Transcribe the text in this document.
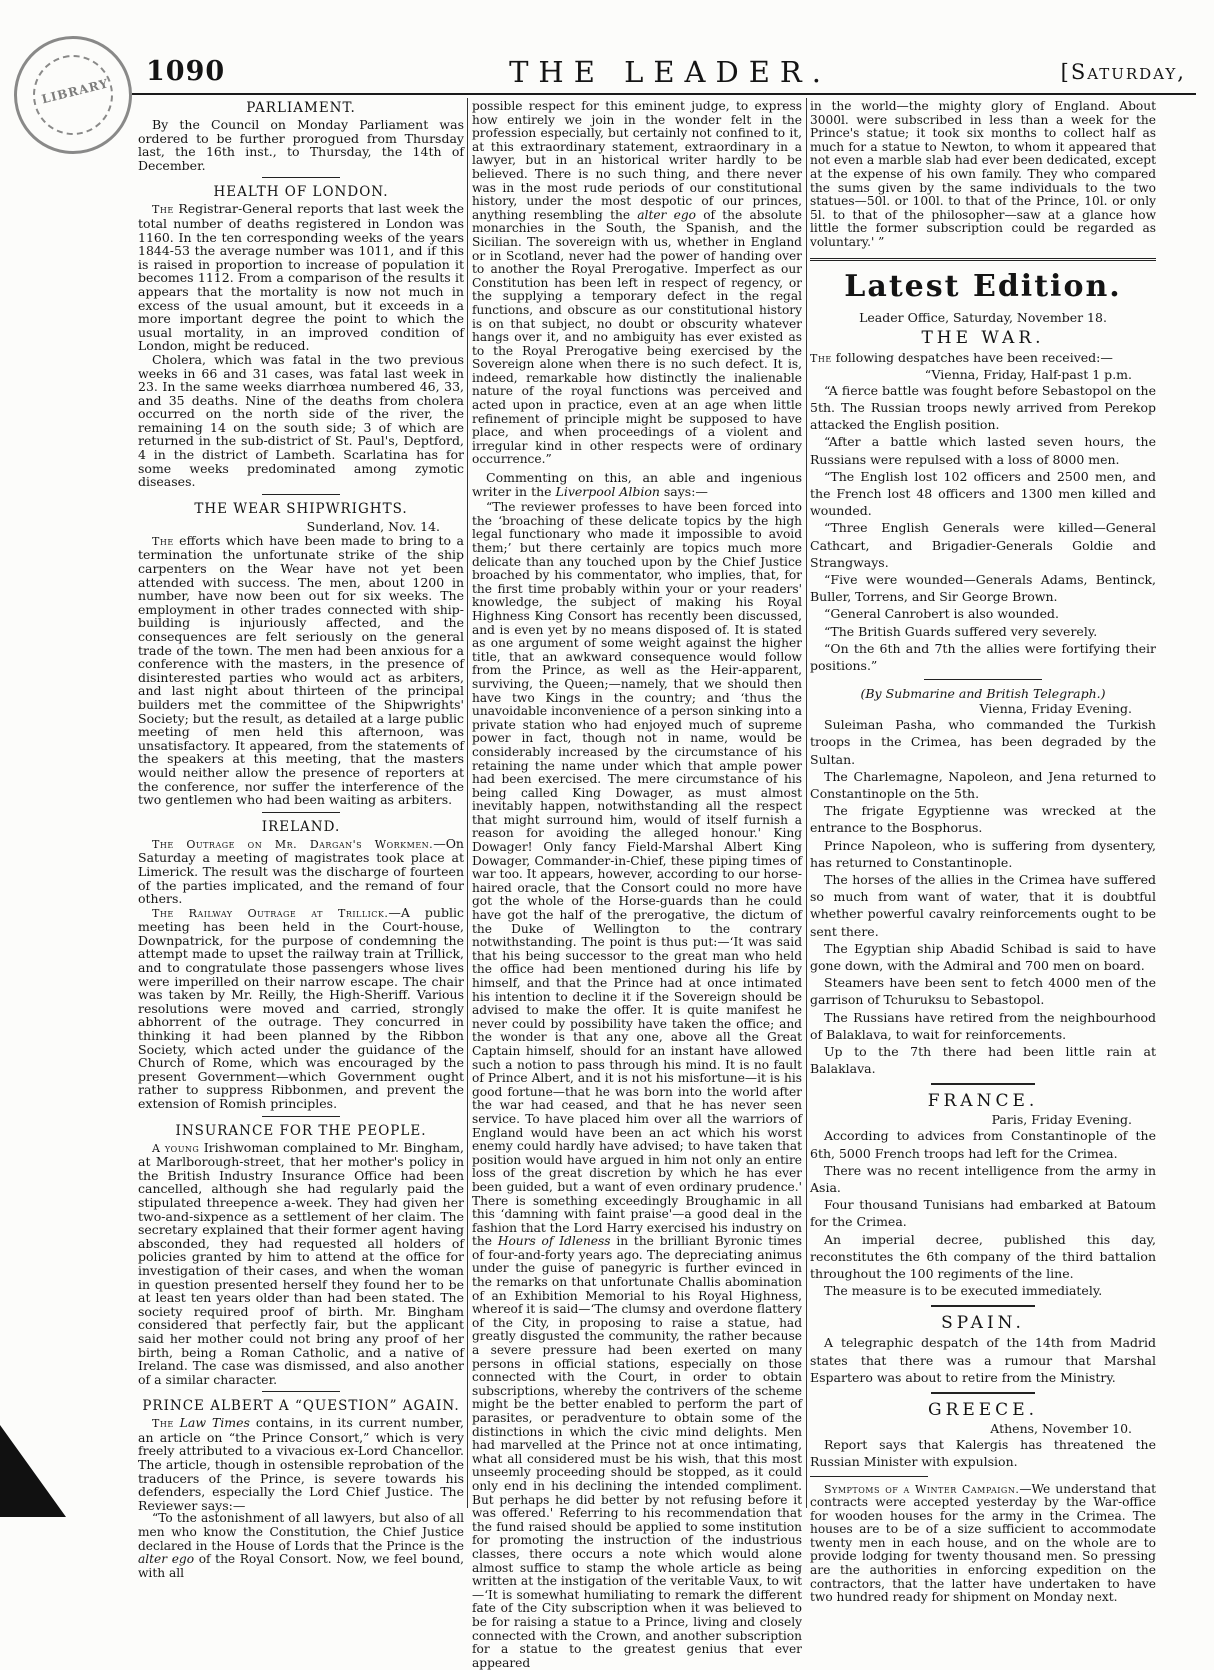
LIBRARY
1090	THE LEADER.	[Saturday,
PARLIAMENT.

By the Council on Monday Parliament was ordered to be further prorogued from Thursday last, the 16th inst., to Thursday, the 14th of December.

HEALTH OF LONDON.

The Registrar-General reports that last week the total number of deaths registered in London was 1160. In the ten corresponding weeks of the years 1844-53 the average number was 1011, and if this is raised in proportion to increase of population it becomes 1112. From a comparison of the results it appears that the mortality is now not much in excess of the usual amount, but it exceeds in a more important degree the point to which the usual mortality, in an improved condition of London, might be reduced.

Cholera, which was fatal in the two previous weeks in 66 and 31 cases, was fatal last week in 23. In the same weeks diarrhœa numbered 46, 33, and 35 deaths. Nine of the deaths from cholera occurred on the north side of the river, the remaining 14 on the south side; 3 of which are returned in the sub-district of St. Paul's, Deptford, 4 in the district of Lambeth. Scarlatina has for some weeks predominated among zymotic diseases.

THE WEAR SHIPWRIGHTS.
Sunderland, Nov. 14.

The efforts which have been made to bring to a termination the unfortunate strike of the ship carpenters on the Wear have not yet been attended with success. The men, about 1200 in number, have now been out for six weeks. The employment in other trades connected with ship-building is injuriously affected, and the consequences are felt seriously on the general trade of the town. The men had been anxious for a conference with the masters, in the presence of disinterested parties who would act as arbiters, and last night about thirteen of the principal builders met the committee of the Shipwrights' Society; but the result, as detailed at a large public meeting of men held this afternoon, was unsatisfactory. It appeared, from the statements of the speakers at this meeting, that the masters would neither allow the presence of reporters at the conference, nor suffer the interference of the two gentlemen who had been waiting as arbiters.

IRELAND.

The Outrage on Mr. Dargan's Workmen.—On Saturday a meeting of magistrates took place at Limerick. The result was the discharge of fourteen of the parties implicated, and the remand of four others.

The Railway Outrage at Trillick.—A public meeting has been held in the Court-house, Downpatrick, for the purpose of condemning the attempt made to upset the railway train at Trillick, and to congratulate those passengers whose lives were imperilled on their narrow escape. The chair was taken by Mr. Reilly, the High-Sheriff. Various resolutions were moved and carried, strongly abhorrent of the outrage. They concurred in thinking it had been planned by the Ribbon Society, which acted under the guidance of the Church of Rome, which was encouraged by the present Government—which Government ought rather to suppress Ribbonmen, and prevent the extension of Romish principles.

INSURANCE FOR THE PEOPLE.

A young Irishwoman complained to Mr. Bingham, at Marlborough-street, that her mother's policy in the British Industry Insurance Office had been cancelled, although she had regularly paid the stipulated threepence a-week. They had given her two-and-sixpence as a settlement of her claim. The secretary explained that their former agent having absconded, they had requested all holders of policies granted by him to attend at the office for investigation of their cases, and when the woman in question presented herself they found her to be at least ten years older than had been stated. The society required proof of birth. Mr. Bingham considered that perfectly fair, but the applicant said her mother could not bring any proof of her birth, being a Roman Catholic, and a native of Ireland. The case was dismissed, and also another of a similar character.

PRINCE ALBERT A “QUESTION” AGAIN.

The Law Times contains, in its current number, an article on “the Prince Consort,” which is very freely attributed to a vivacious ex-Lord Chancellor. The article, though in ostensible reprobation of the traducers of the Prince, is severe towards his defenders, especially the Lord Chief Justice. The Reviewer says:—

“To the astonishment of all lawyers, but also of all men who know the Constitution, the Chief Justice declared in the House of Lords that the Prince is the alter ego of the Royal Consort. Now, we feel bound, with all

possible respect for this eminent judge, to express how entirely we join in the wonder felt in the profession especially, but certainly not confined to it, at this extraordinary statement, extraordinary in a lawyer, but in an historical writer hardly to be believed. There is no such thing, and there never was in the most rude periods of our constitutional history, under the most despotic of our princes, anything resembling the alter ego of the absolute monarchies in the South, the Spanish, and the Sicilian. The sovereign with us, whether in England or in Scotland, never had the power of handing over to another the Royal Prerogative. Imperfect as our Constitution has been left in respect of regency, or the supplying a temporary defect in the regal functions, and obscure as our constitutional history is on that subject, no doubt or obscurity whatever hangs over it, and no ambiguity has ever existed as to the Royal Prerogative being exercised by the Sovereign alone when there is no such defect. It is, indeed, remarkable how distinctly the inalienable nature of the royal functions was perceived and acted upon in practice, even at an age when little refinement of principle might be supposed to have place, and when proceedings of a violent and irregular kind in other respects were of ordinary occurrence.”

Commenting on this, an able and ingenious writer in the Liverpool Albion says:—

“The reviewer professes to have been forced into the ‘broaching of these delicate topics by the high legal functionary who made it impossible to avoid them;’ but there certainly are topics much more delicate than any touched upon by the Chief Justice broached by his commentator, who implies, that, for the first time probably within your or your readers' knowledge, the subject of making his Royal Highness King Consort has recently been discussed, and is even yet by no means disposed of. It is stated as one argument of some weight against the higher title, that an awkward consequence would follow from the Prince, as well as the Heir-apparent, surviving, the Queen;—namely, that we should then have two Kings in the country; and ‘thus the unavoidable inconvenience of a person sinking into a private station who had enjoyed much of supreme power in fact, though not in name, would be considerably increased by the circumstance of his retaining the name under which that ample power had been exercised. The mere circumstance of his being called King Dowager, as must almost inevitably happen, notwithstanding all the respect that might surround him, would of itself furnish a reason for avoiding the alleged honour.' King Dowager! Only fancy Field-Marshal Albert King Dowager, Commander-in-Chief, these piping times of war too. It appears, however, according to our horse-haired oracle, that the Consort could no more have got the whole of the Horse-guards than he could have got the half of the prerogative, the dictum of the Duke of Wellington to the contrary notwithstanding. The point is thus put:—‘It was said that his being successor to the great man who held the office had been mentioned during his life by himself, and that the Prince had at once intimated his intention to decline it if the Sovereign should be advised to make the offer. It is quite manifest he never could by possibility have taken the office; and the wonder is that any one, above all the Great Captain himself, should for an instant have allowed such a notion to pass through his mind. It is no fault of Prince Albert, and it is not his misfortune—it is his good fortune—that he was born into the world after the war had ceased, and that he has never seen service. To have placed him over all the warriors of England would have been an act which his worst enemy could hardly have advised; to have taken that position would have argued in him not only an entire loss of the great discretion by which he has ever been guided, but a want of even ordinary prudence.' There is something exceedingly Broughamic in all this ‘damning with faint praise'—a good deal in the fashion that the Lord Harry exercised his industry on the Hours of Idleness in the brilliant Byronic times of four-and-forty years ago. The depreciating animus under the guise of panegyric is further evinced in the remarks on that unfortunate Challis abomination of an Exhibition Memorial to his Royal Highness, whereof it is said—‘The clumsy and overdone flattery of the City, in proposing to raise a statue, had greatly disgusted the community, the rather because a severe pressure had been exerted on many persons in official stations, especially on those connected with the Court, in order to obtain subscriptions, whereby the contrivers of the scheme might be the better enabled to perform the part of parasites, or peradventure to obtain some of the distinctions in which the civic mind delights. Men had marvelled at the Prince not at once intimating, what all considered must be his wish, that this most unseemly proceeding should be stopped, as it could only end in his declining the intended compliment. But perhaps he did better by not refusing before it was offered.' Referring to his recommendation that the fund raised should be applied to some institution for promoting the instruction of the industrious classes, there occurs a note which would alone almost suffice to stamp the whole article as being written at the instigation of the veritable Vaux, to wit—‘It is somewhat humiliating to remark the different fate of the City subscription when it was believed to be for raising a statue to a Prince, living and closely connected with the Crown, and another subscription for a statue to the greatest genius that ever appeared

in the world—the mighty glory of England. About 3000l. were subscribed in less than a week for the Prince's statue; it took six months to collect half as much for a statue to Newton, to whom it appeared that not even a marble slab had ever been dedicated, except at the expense of his own family. They who compared the sums given by the same individuals to the two statues—50l. or 100l. to that of the Prince, 10l. or only 5l. to that of the philosopher—saw at a glance how little the former subscription could be regarded as voluntary.' ”

Latest Edition.
Leader Office, Saturday, November 18.
THE WAR.

The following despatches have been received:—

“Vienna, Friday, Half-past 1 p.m.

“A fierce battle was fought before Sebastopol on the 5th. The Russian troops newly arrived from Perekop attacked the English position.

“After a battle which lasted seven hours, the Russians were repulsed with a loss of 8000 men.

“The English lost 102 officers and 2500 men, and the French lost 48 officers and 1300 men killed and wounded.

“Three English Generals were killed—General Cathcart, and Brigadier-Generals Goldie and Strangways.

“Five were wounded—Generals Adams, Bentinck, Buller, Torrens, and Sir George Brown.

“General Canrobert is also wounded.

“The British Guards suffered very severely.

“On the 6th and 7th the allies were fortifying their positions.”

(By Submarine and British Telegraph.)
Vienna, Friday Evening.

Suleiman Pasha, who commanded the Turkish troops in the Crimea, has been degraded by the Sultan.

The Charlemagne, Napoleon, and Jena returned to Constantinople on the 5th.

The frigate Egyptienne was wrecked at the entrance to the Bosphorus.

Prince Napoleon, who is suffering from dysentery, has returned to Constantinople.

The horses of the allies in the Crimea have suffered so much from want of water, that it is doubtful whether powerful cavalry reinforcements ought to be sent there.

The Egyptian ship Abadid Schibad is said to have gone down, with the Admiral and 700 men on board.

Steamers have been sent to fetch 4000 men of the garrison of Tchuruksu to Sebastopol.

The Russians have retired from the neighbourhood of Balaklava, to wait for reinforcements.

Up to the 7th there had been little rain at Balaklava.

FRANCE.
Paris, Friday Evening.

According to advices from Constantinople of the 6th, 5000 French troops had left for the Crimea.

There was no recent intelligence from the army in Asia.

Four thousand Tunisians had embarked at Batoum for the Crimea.

An imperial decree, published this day, reconstitutes the 6th company of the third battalion throughout the 100 regiments of the line.

The measure is to be executed immediately.

SPAIN.

A telegraphic despatch of the 14th from Madrid states that there was a rumour that Marshal Espartero was about to retire from the Ministry.

GREECE.
Athens, November 10.

Report says that Kalergis has threatened the Russian Minister with expulsion.

Symptoms of a Winter Campaign.—We understand that contracts were accepted yesterday by the War-office for wooden houses for the army in the Crimea. The houses are to be of a size sufficient to accommodate twenty men in each house, and on the whole are to provide lodging for twenty thousand men. So pressing are the authorities in enforcing expedition on the contractors, that the latter have undertaken to have two hundred ready for shipment on Monday next.
